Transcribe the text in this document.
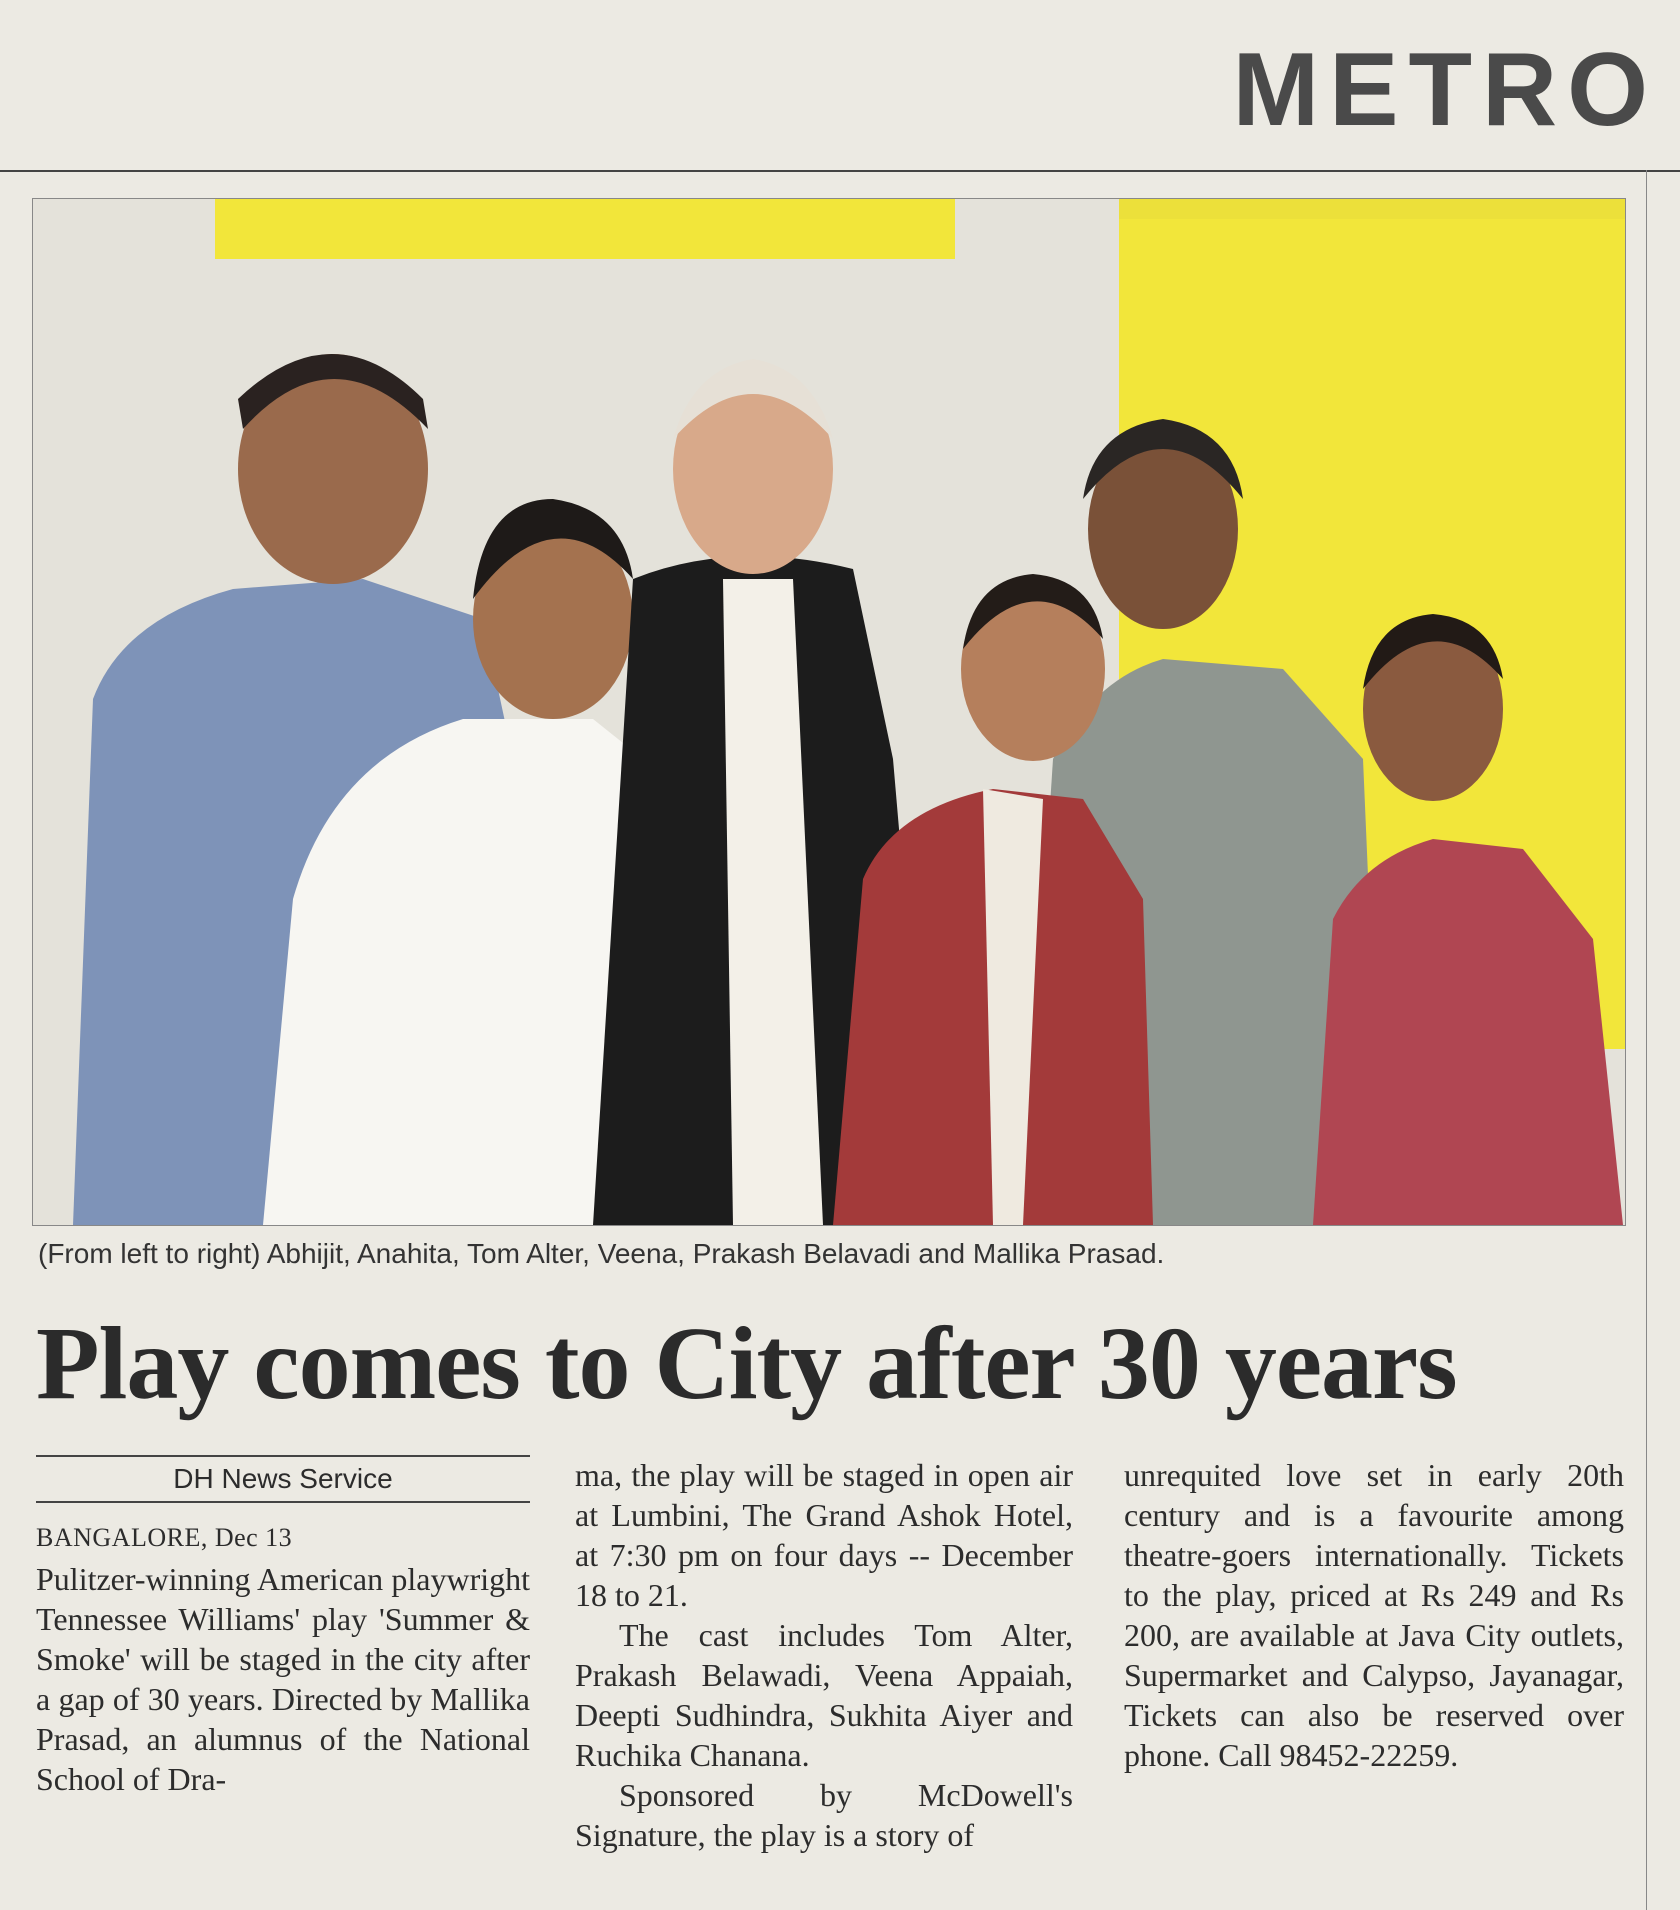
METRO
(From left to right) Abhijit, Anahita, Tom Alter, Veena, Prakash Belavadi and Mallika Prasad.
Play comes to City after 30 years
DH News Service
BANGALORE, Dec 13

Pulitzer-winning American playwright Tennessee Williams' play 'Summer & Smoke' will be staged in the city after a gap of 30 years. Directed by Mallika Prasad, an alumnus of the National School of Dra-

ma, the play will be staged in open air at Lumbini, The Grand Ashok Hotel, at 7:30 pm on four days -- December 18 to 21.

The cast includes Tom Alter, Prakash Belawadi, Veena Appaiah, Deepti Sudhindra, Sukhita Aiyer and Ruchika Chanana.

Sponsored by McDowell's Signature, the play is a story of

unrequited love set in early 20th century and is a favourite among theatre-goers internationally. Tickets to the play, priced at Rs 249 and Rs 200, are available at Java City outlets, Supermarket and Calypso, Jayanagar, Tickets can also be reserved over phone. Call 98452-22259.
